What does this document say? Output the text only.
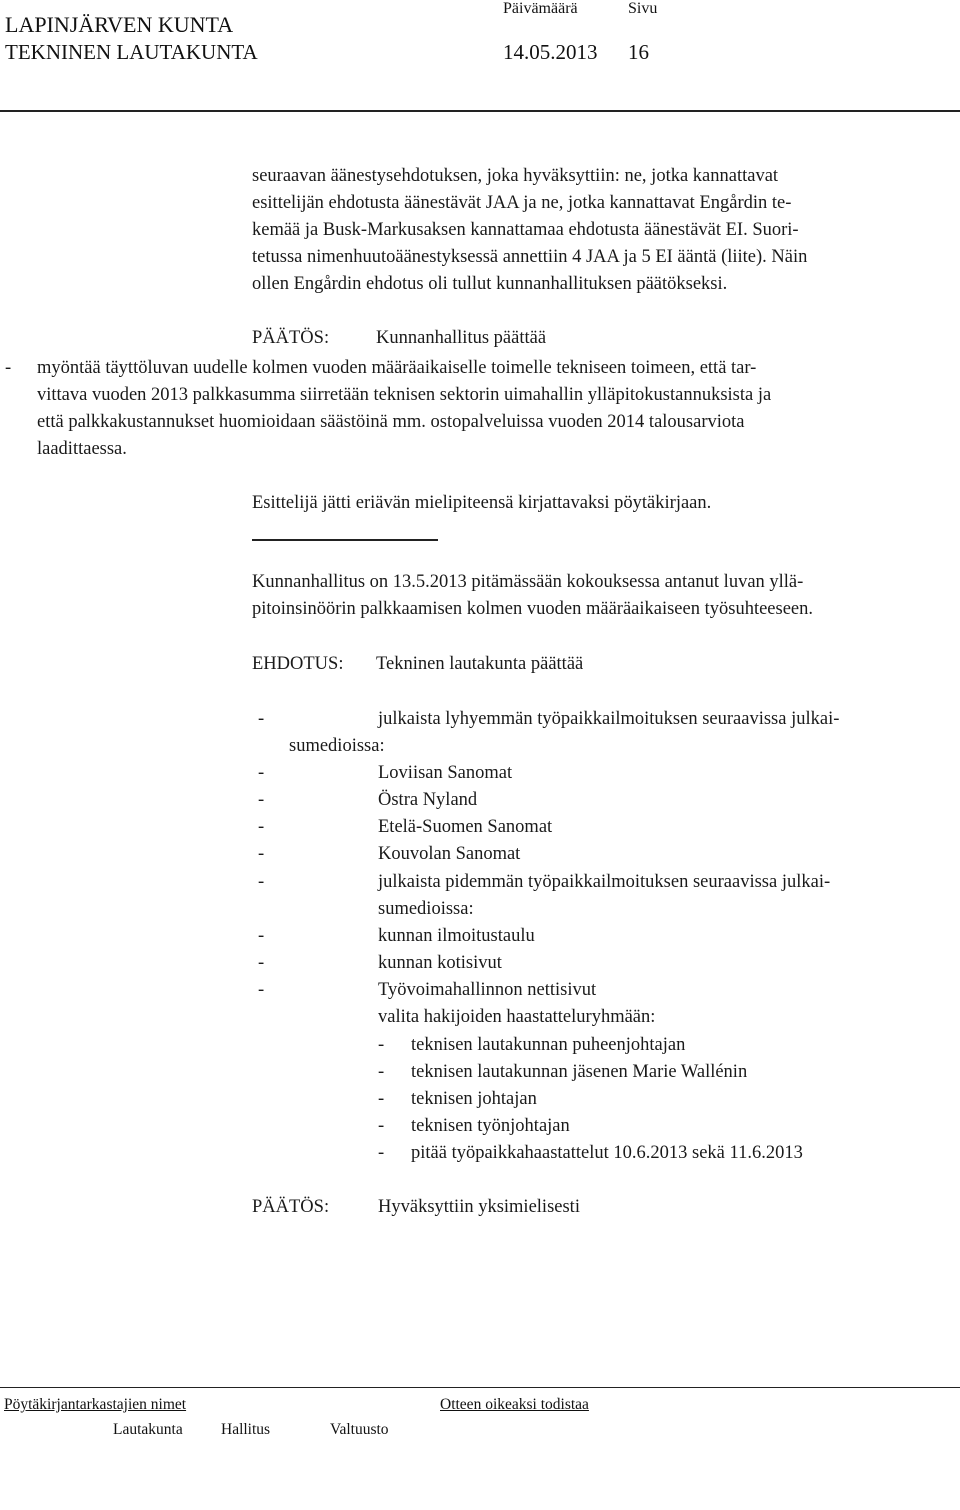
LAPINJÄRVEN KUNTA
TEKNINEN LAUTAKUNTA
Päivämäärä	Sivu
14.05.2013 16
seuraavan äänestysehdotuksen, joka hyväksyttiin: ne, jotka kannattavat
esittelijän ehdotusta äänestävät JAA ja ne, jotka kannattavat Engårdin te-
kemää ja Busk-Markusaksen kannattamaa ehdotusta äänestävät EI. Suori-
tetussa nimenhuutoäänestyksessä annettiin 4 JAA ja 5 EI ääntä (liite). Näin
ollen Engårdin ehdotus oli tullut kunnanhallituksen päätökseksi.
PÄÄTÖS:	Kunnanhallitus päättää
- myöntää täyttöluvan uudelle kolmen vuoden määräaikaiselle toimelle tekniseen toimeen, että tar-
vittava vuoden 2013 palkkasumma siirretään teknisen sektorin uimahallin ylläpitokustannuksista ja
että palkkakustannukset huomioidaan säästöinä mm. ostopalveluissa vuoden 2014 talousarviota
laadittaessa.
Esittelijä jätti eriävän mielipiteensä kirjattavaksi pöytäkirjaan.
Kunnanhallitus on 13.5.2013 pitämässään kokouksessa antanut luvan yllä-
pitoinsinöörin palkkaamisen kolmen vuoden määräaikaiseen työsuhteeseen.
EHDOTUS: Tekninen lautakunta päättää
-	julkaista lyhyemmän työpaikkailmoituksen seuraavissa julkai-
sumedioissa:
-	Loviisan Sanomat
-	Östra Nyland
-	Etelä-Suomen Sanomat
-	Kouvolan Sanomat
-	julkaista pidemmän työpaikkailmoituksen seuraavissa julkai-
sumedioissa:
-	kunnan ilmoitustaulu
-	kunnan kotisivut
-	Työvoimahallinnon nettisivut
valita hakijoiden haastatteluryhmään:
- teknisen lautakunnan puheenjohtajan
- teknisen lautakunnan jäsenen Marie Wallénin
- teknisen johtajan
- teknisen työnjohtajan
- pitää työpaikkahaastattelut 10.6.2013 sekä 11.6.2013
PÄÄTÖS:	Hyväksyttiin yksimielisesti
Pöytäkirjantarkastajien nimet	Otteen oikeaksi todistaa
Lautakunta Hallitus	Valtuusto
